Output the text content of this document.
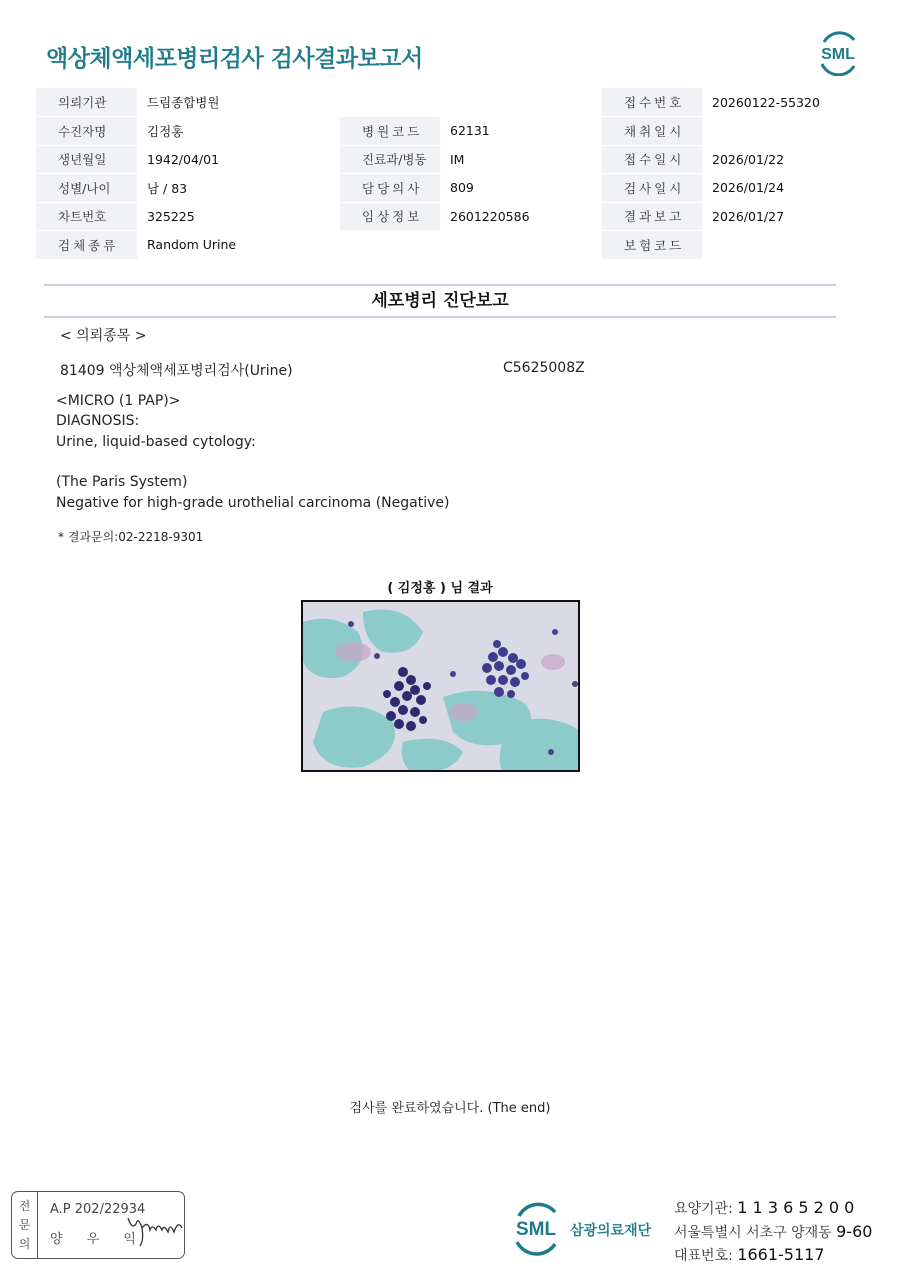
액상체액세포병리검사 검사결과보고서	SML
의뢰기관	드림종합병원			접수번호	20260122-55320
수진자명	김정홍	병원코드	62131	채취일시	
생년월일	1942/04/01	진료과/병동	IM	접수일시	2026/01/22
성별/나이	남 / 83	담당의사	809	검사일시	2026/01/24
차트번호	325225	임상정보	2601220586	결과보고	2026/01/27
검체종류	Random Urine			보험코드	
세포병리 진단보고
< 의뢰종목 >
81409 액상체액세포병리검사(Urine)	C5625008Z
<MICRO (1 PAP)>
DIAGNOSIS:
Urine, liquid-based cytology:
(The Paris System)
Negative for high-grade urothelial carcinoma (Negative)
* 결과문의:02-2218-9301
( 김정홍 ) 님 결과
검사를 완료하였습니다. (The end)
전
문
의
A.P 202/22934
양 우 익	SML 삼광의료재단
요양기관: 1 1 3 6 5 2 0 0
서울특별시 서초구 양재동 9-60
대표번호: 1661-5117
